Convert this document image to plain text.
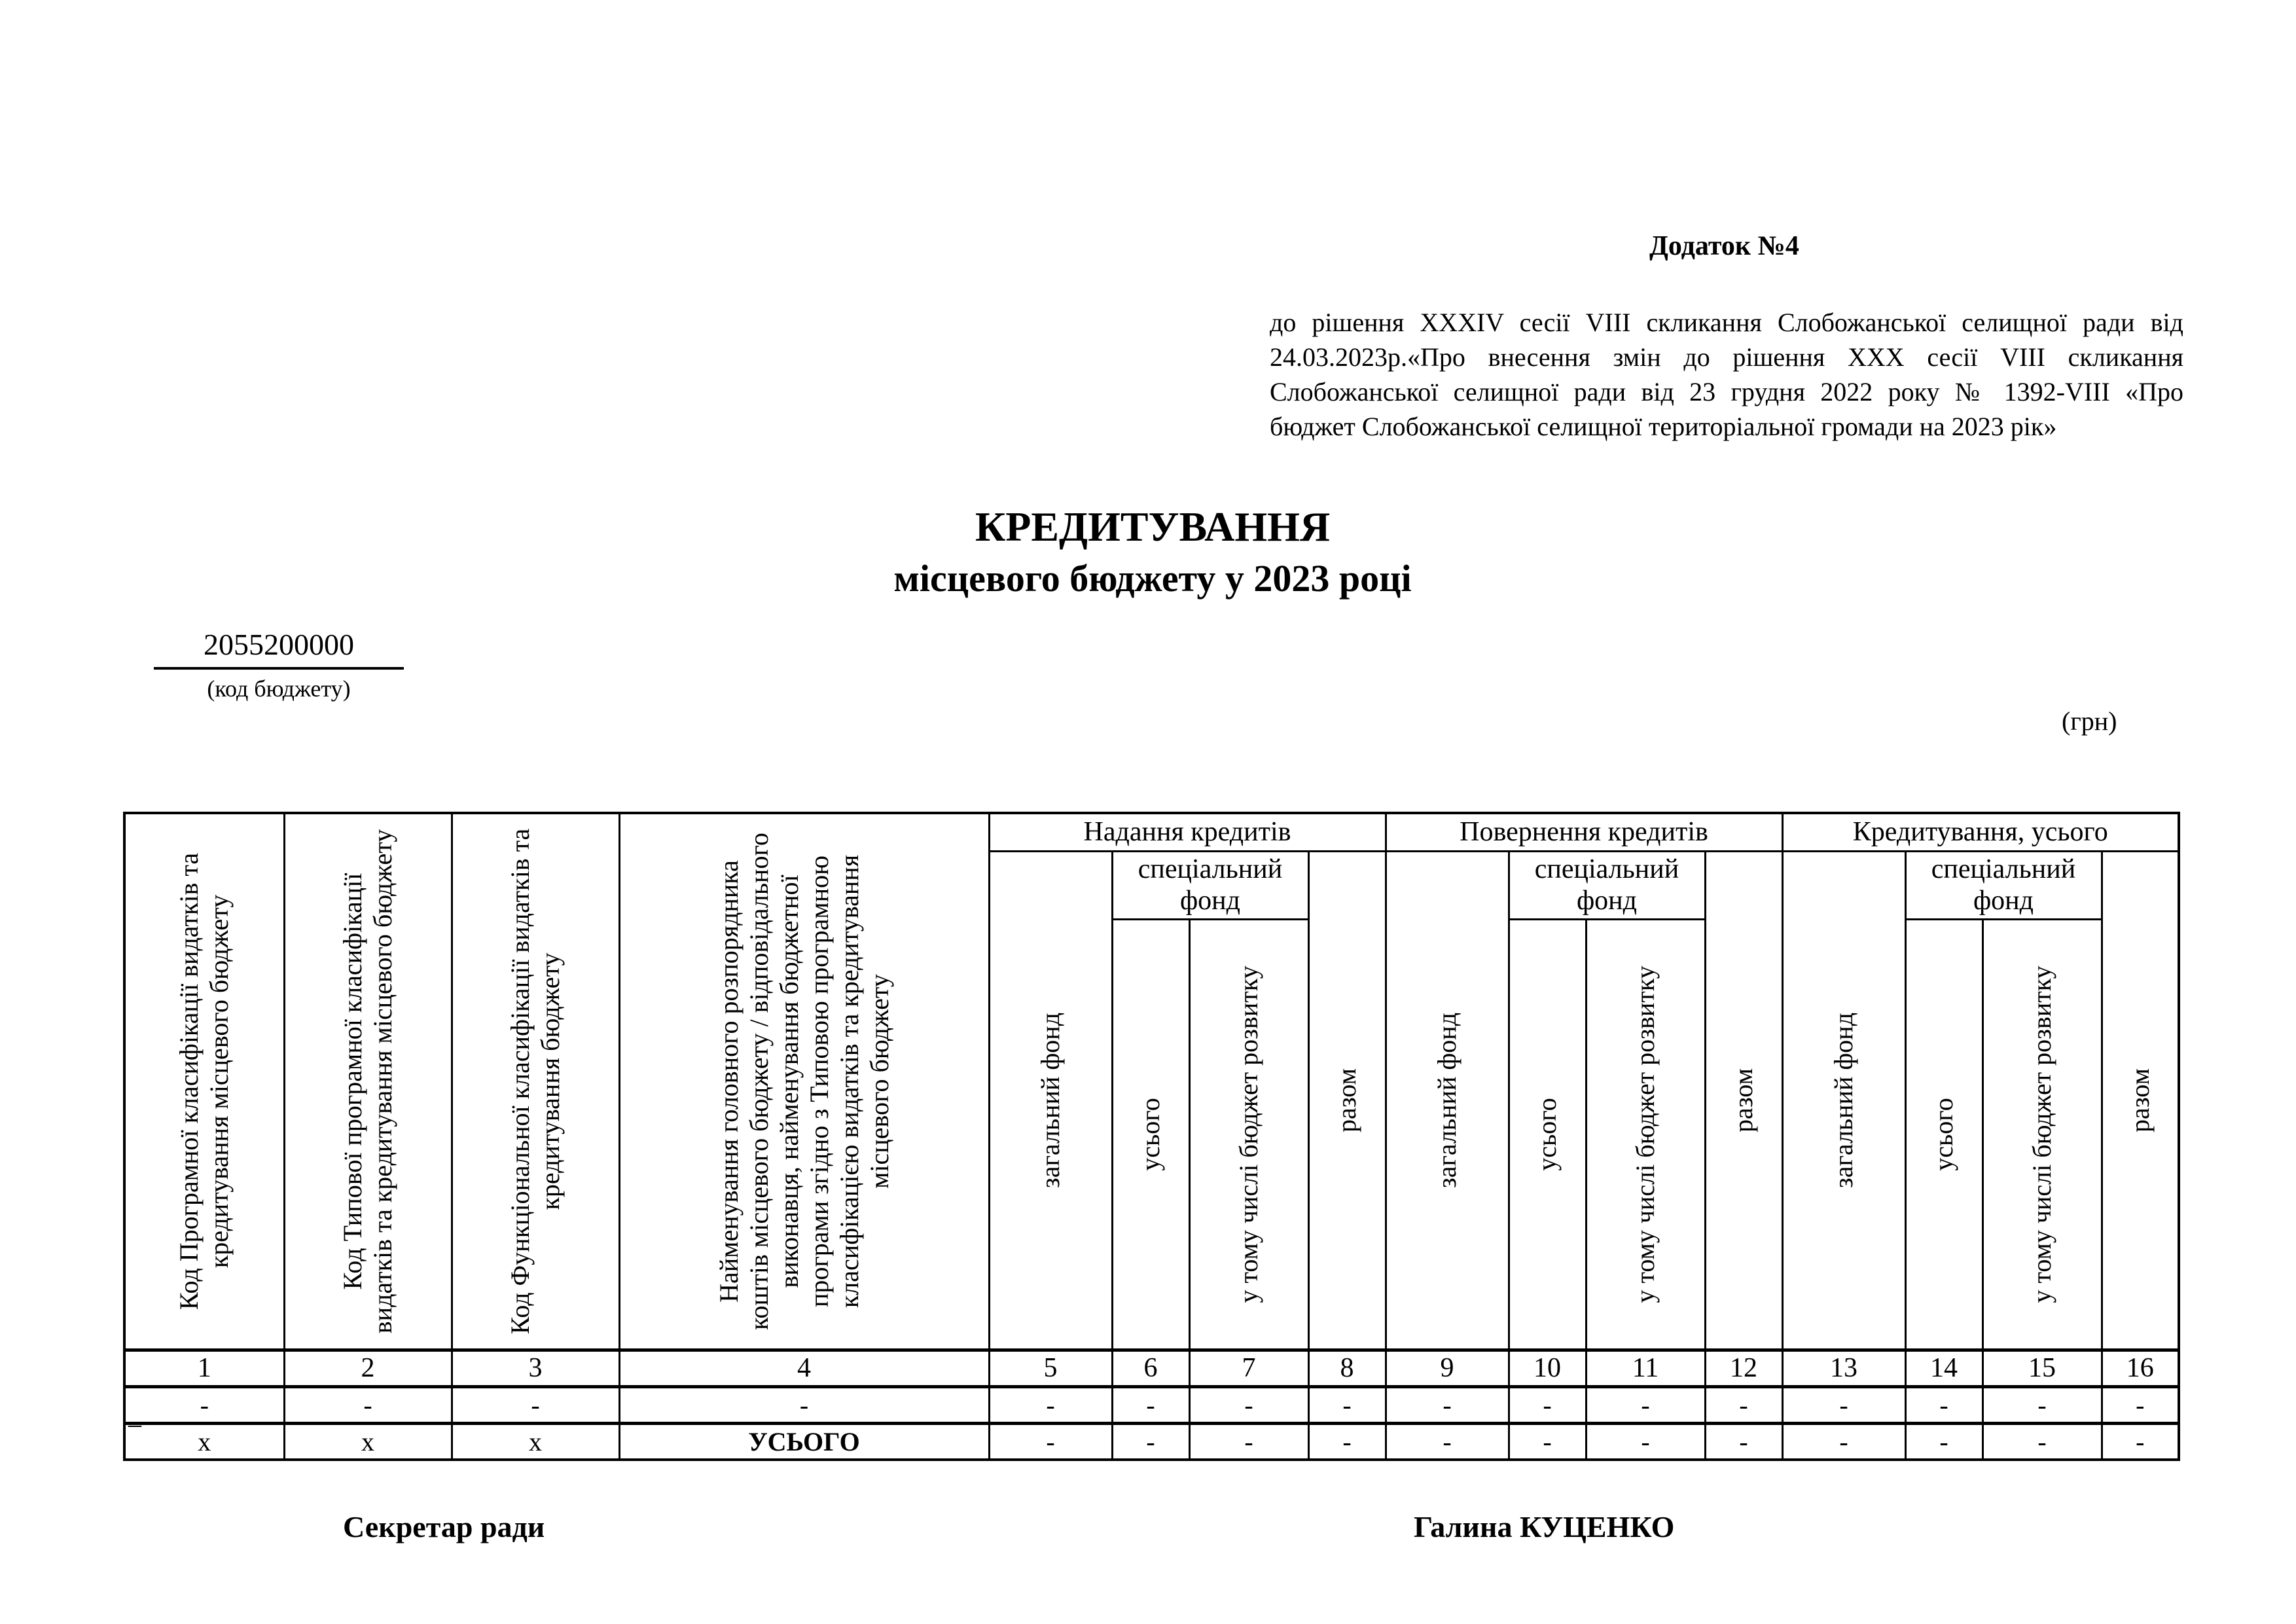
Додаток №4
до рішення XXXIV сесії VIII скликання Слобожанської селищної ради від
24.03.2023р.«Про внесення змін до рішення XXX сесії VIII скликання
Слобожанської селищної ради від 23 грудня 2022 року № 1392-VIII «Про
бюджет Слобожанської селищної територіальної громади на 2023 рік»
КРЕДИТУВАННЯ
місцевого бюджету у 2023 році
2055200000
(код бюджету)
(грн)
Код Програмної класифікації видатків та кредитування місцевого бюджету	Код Типової програмної класифікації видатків та кредитування місцевого бюджету	Код Функціональної класифікації видатків та кредитування бюджету	Найменування головного розпорядника коштів місцевого бюджету / відповідального виконавця, найменування бюджетної програми згідно з Типовою програмною класифікацією видатків та кредитування місцевого бюджету	Надання кредитів				Повернення кредитів				Кредитування, усього			

				загальний фонд	спеціальний фонд		разом	загальний фонд	спеціальний фонд		разом	загальний фонд	спеціальний фонд		разом

					усього	у тому числі бюджет розвитку			усього	у тому числі бюджет розвитку			усього	у тому числі бюджет розвитку	

1	2	3	4	5	6	7	8	9	10	11	12	13	14	15	16
-	-	-	-	-	-	-	-	-	-	-	-	-	-	-	-
х	х	х	УСЬОГО	-	-	-	-	-	-	-	-	-	-	-	-
_
Секретар ради	Галина КУЦЕНКО
